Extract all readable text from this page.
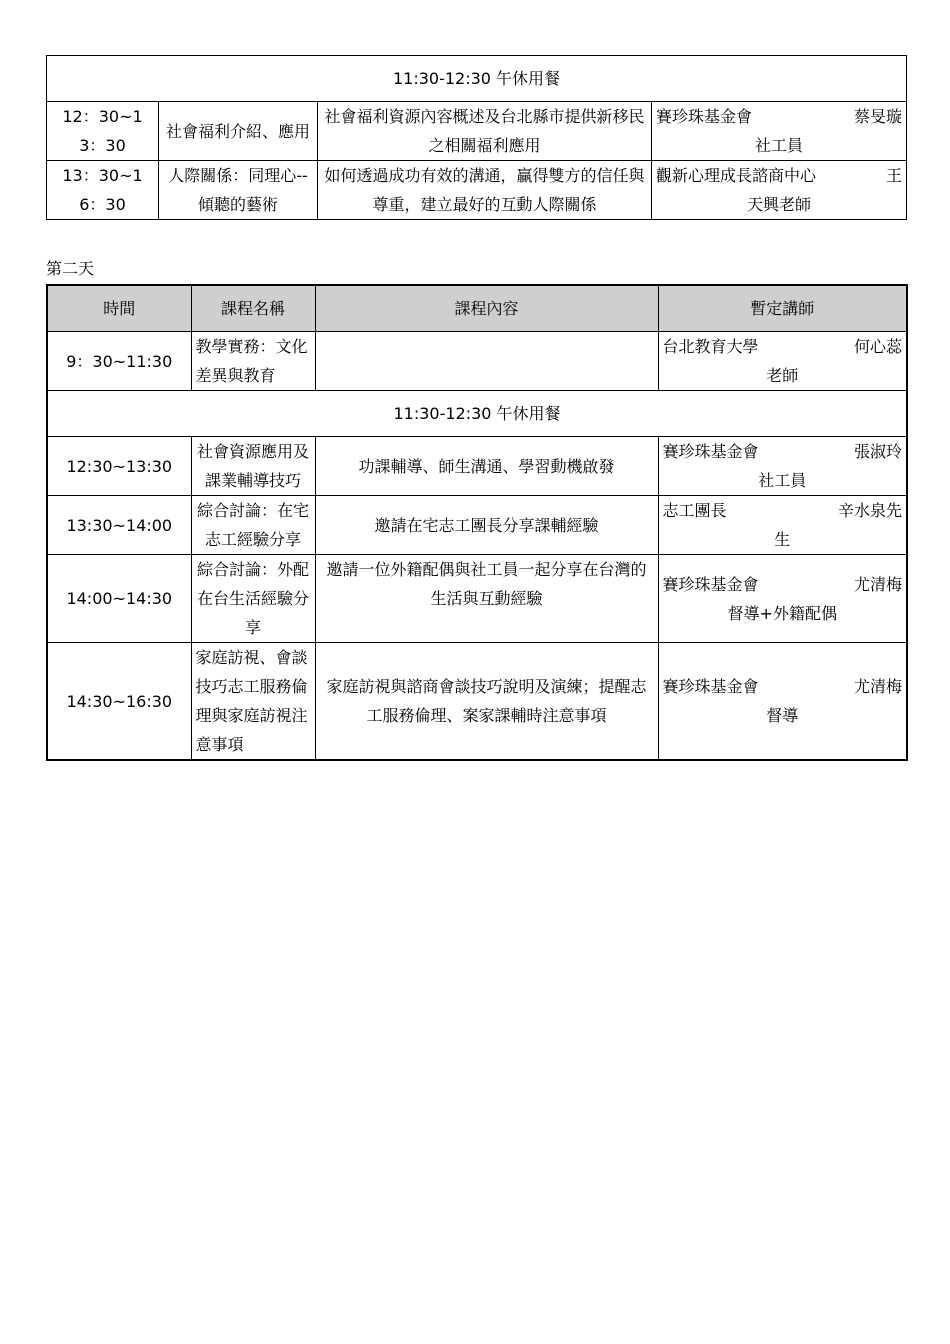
11:30-12:30 午休用餐			
12：30~13：30	社會福利介紹、應用	社會福利資源內容概述及台北縣市提供新移民之相關福利應用	賽珍珠基金會 蔡旻璇
社工員

13：30~16：30	人際關係：同理心--傾聽的藝術	如何透過成功有效的溝通，贏得雙方的信任與尊重，建立最好的互動人際關係	觀新心理成長諮商中心 王
天興老師
第二天
時間	課程名稱	課程內容	暫定講師
9：30~11:30	教學實務：文化差異與教育		台北教育大學 何心蕊
老師

11:30-12:30 午休用餐			
12:30~13:30	社會資源應用及課業輔導技巧	功課輔導、師生溝通、學習動機啟發	賽珍珠基金會 張淑玲
社工員

13:30~14:00	綜合討論：在宅志工經驗分享	邀請在宅志工團長分享課輔經驗	志工團長 辛水泉先
生

14:00~14:30	綜合討論：外配在台生活經驗分享	邀請一位外籍配偶與社工員一起分享在台灣的生活與互動經驗	賽珍珠基金會 尤清梅
督導+外籍配偶

14:30~16:30	家庭訪視、會談技巧志工服務倫理與家庭訪視注意事項	家庭訪視與諮商會談技巧說明及演練；提醒志工服務倫理、案家課輔時注意事項	賽珍珠基金會 尤清梅
督導
